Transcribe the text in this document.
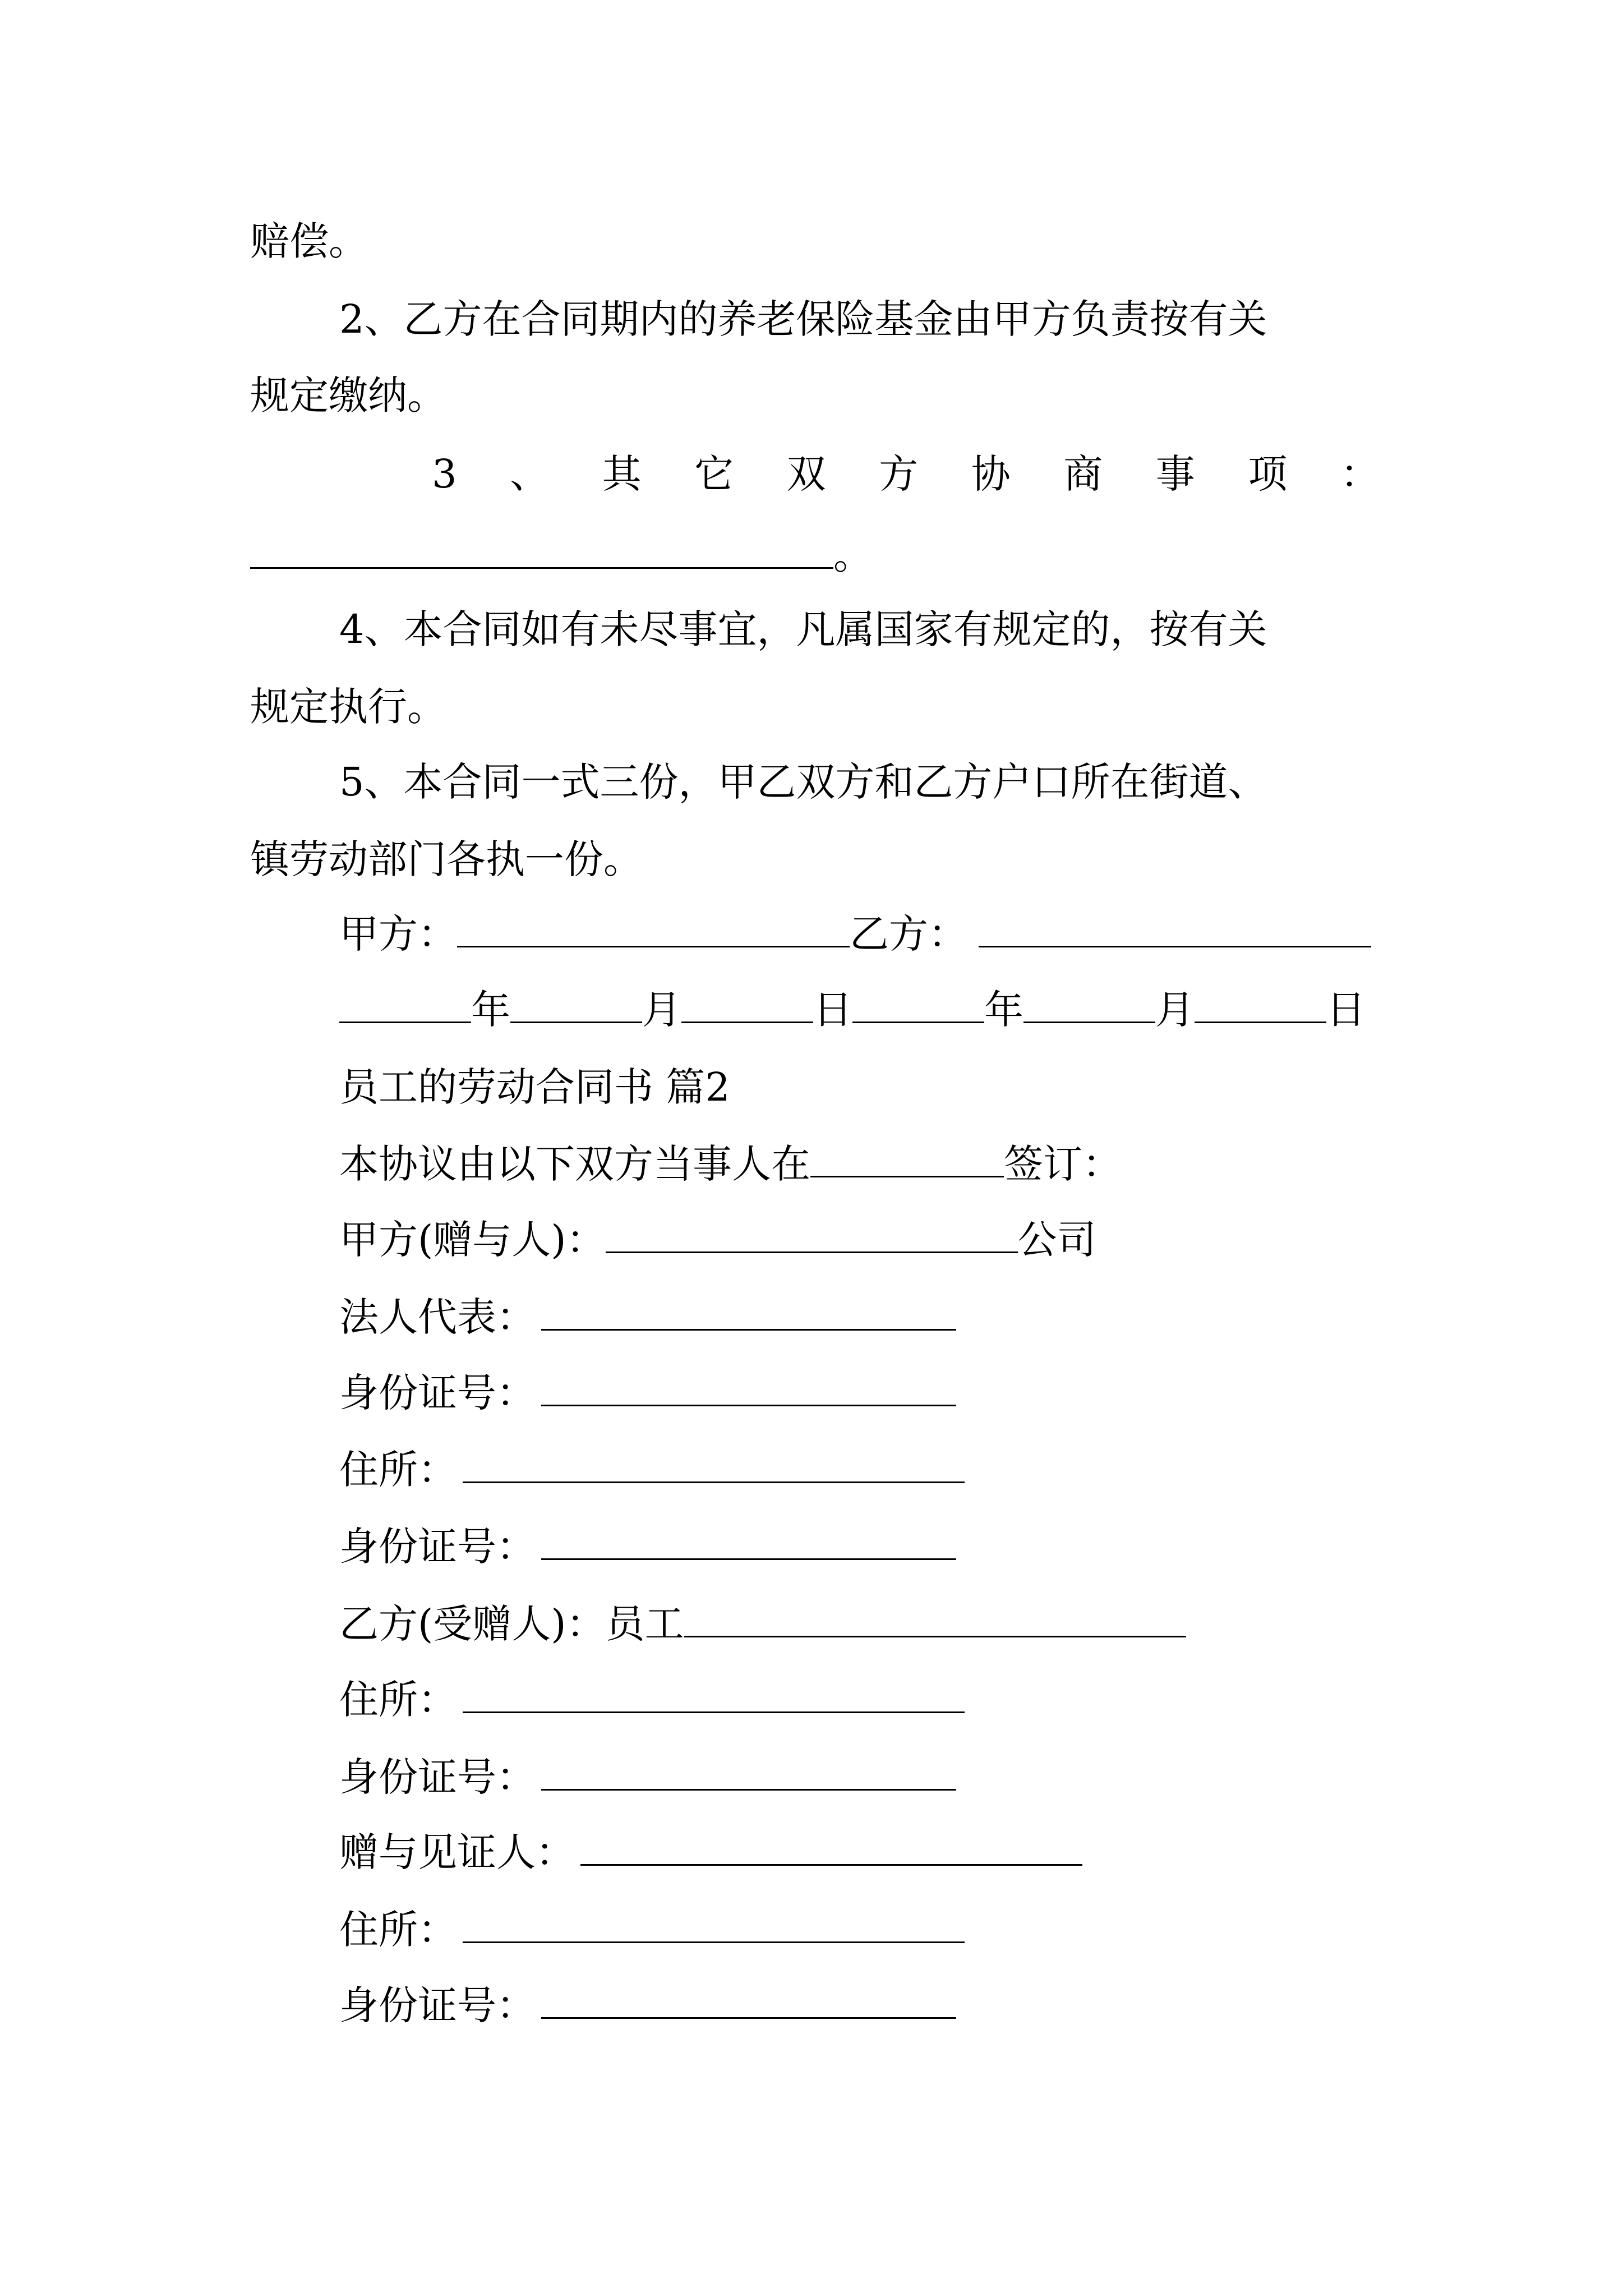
赔偿。
2、乙方在合同期内的养老保险基金由甲方负责按有关
规定缴纳。
3 、 其 它 双 方 协 商 事 项 ：
。
4、本合同如有未尽事宜，凡属国家有规定的，按有关
规定执行。
5、本合同一式三份，甲乙双方和乙方户口所在街道、
镇劳动部门各执一份。
甲方：	乙方：
年	月	日	年	月	日
员工的劳动合同书 篇2
本协议由以下双方当事人在	签订：
甲方(赠与人)：	公司
法人代表：
身份证号：
住所：
身份证号：
乙方(受赠人)：员工
住所：
身份证号：
赠与见证人：
住所：
身份证号：
